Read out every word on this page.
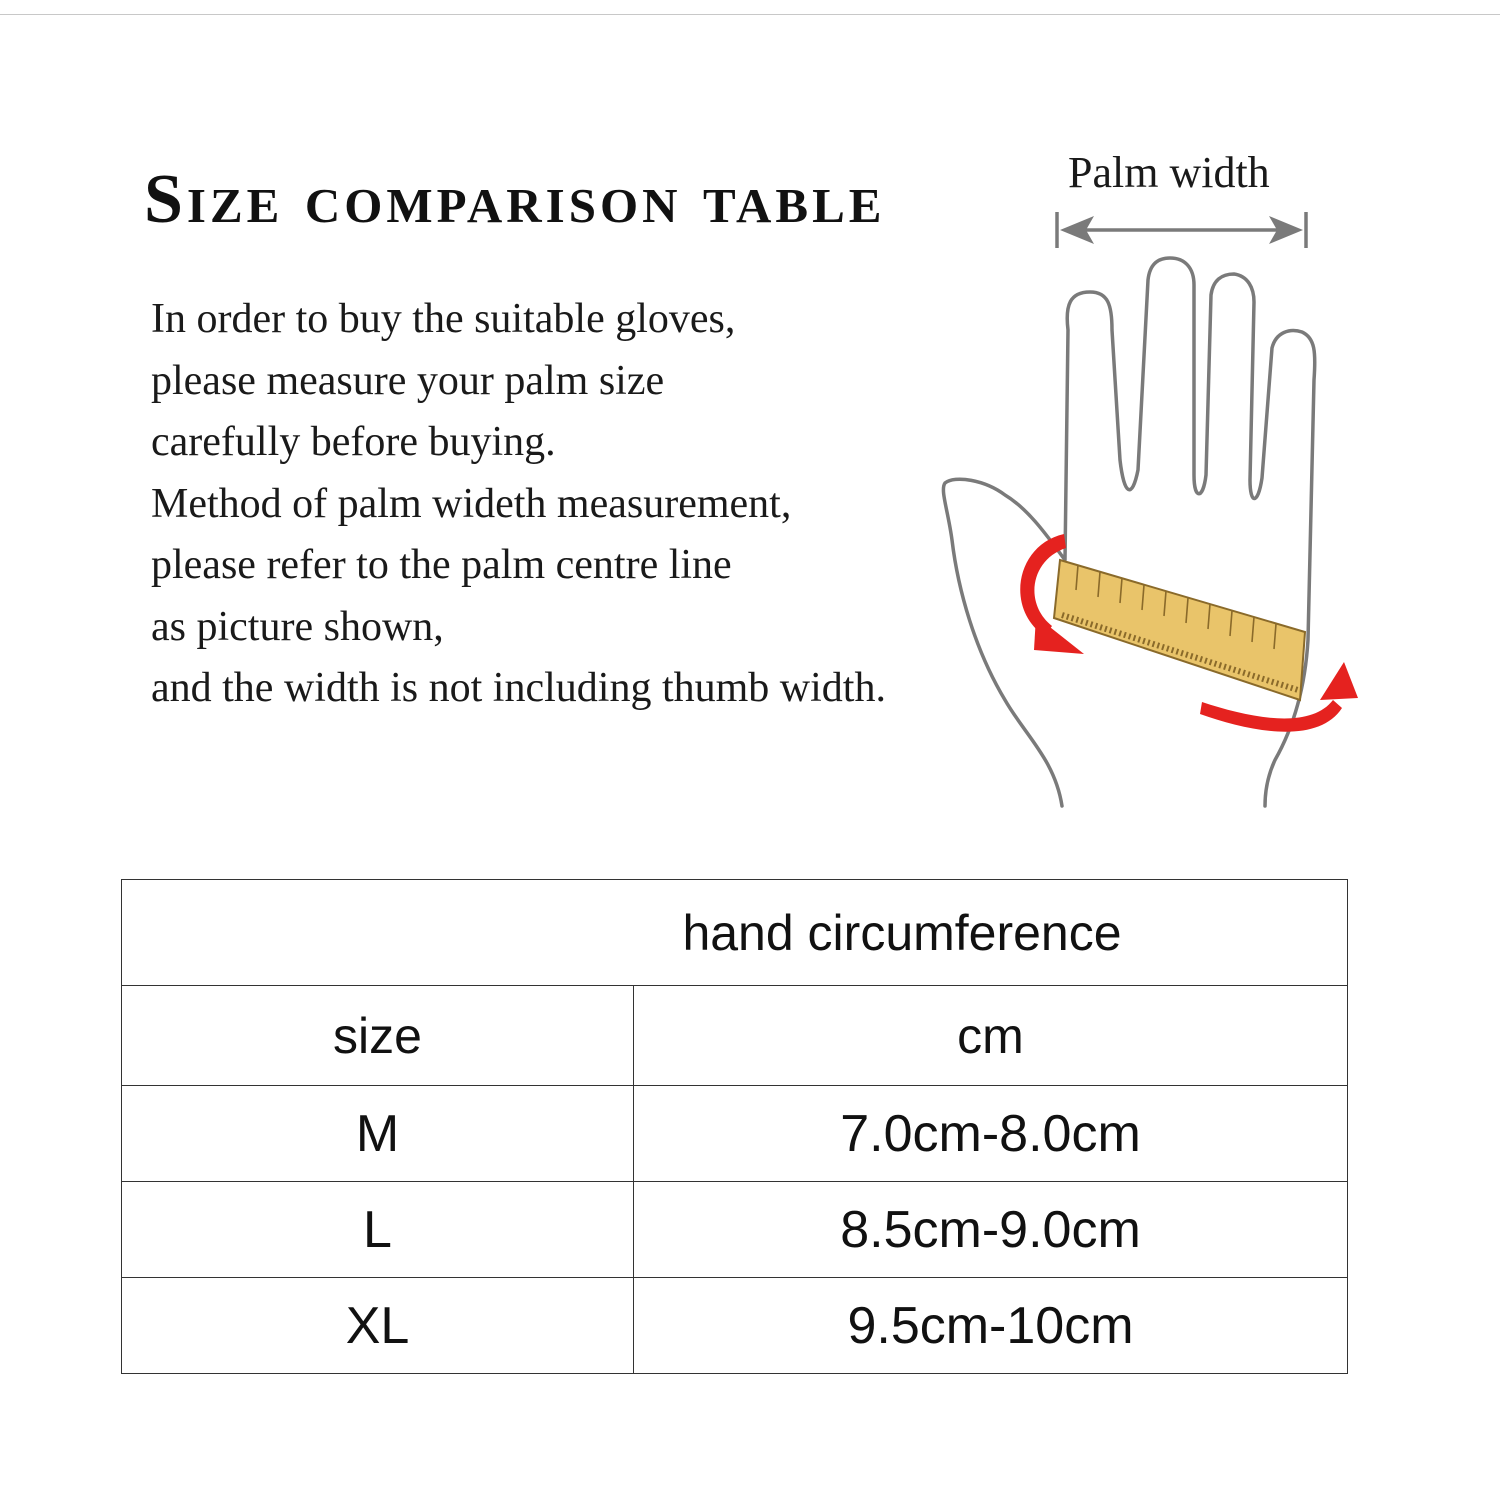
Size comparison table
In order to buy the suitable gloves,
please measure your palm size
carefully before buying.
Method of palm wideth measurement,
please refer to the palm centre line
as picture shown,
and the width is not including thumb width.
Palm width
hand circumference	
size	cm
M	7.0cm-8.0cm
L	8.5cm-9.0cm
XL	9.5cm-10cm
